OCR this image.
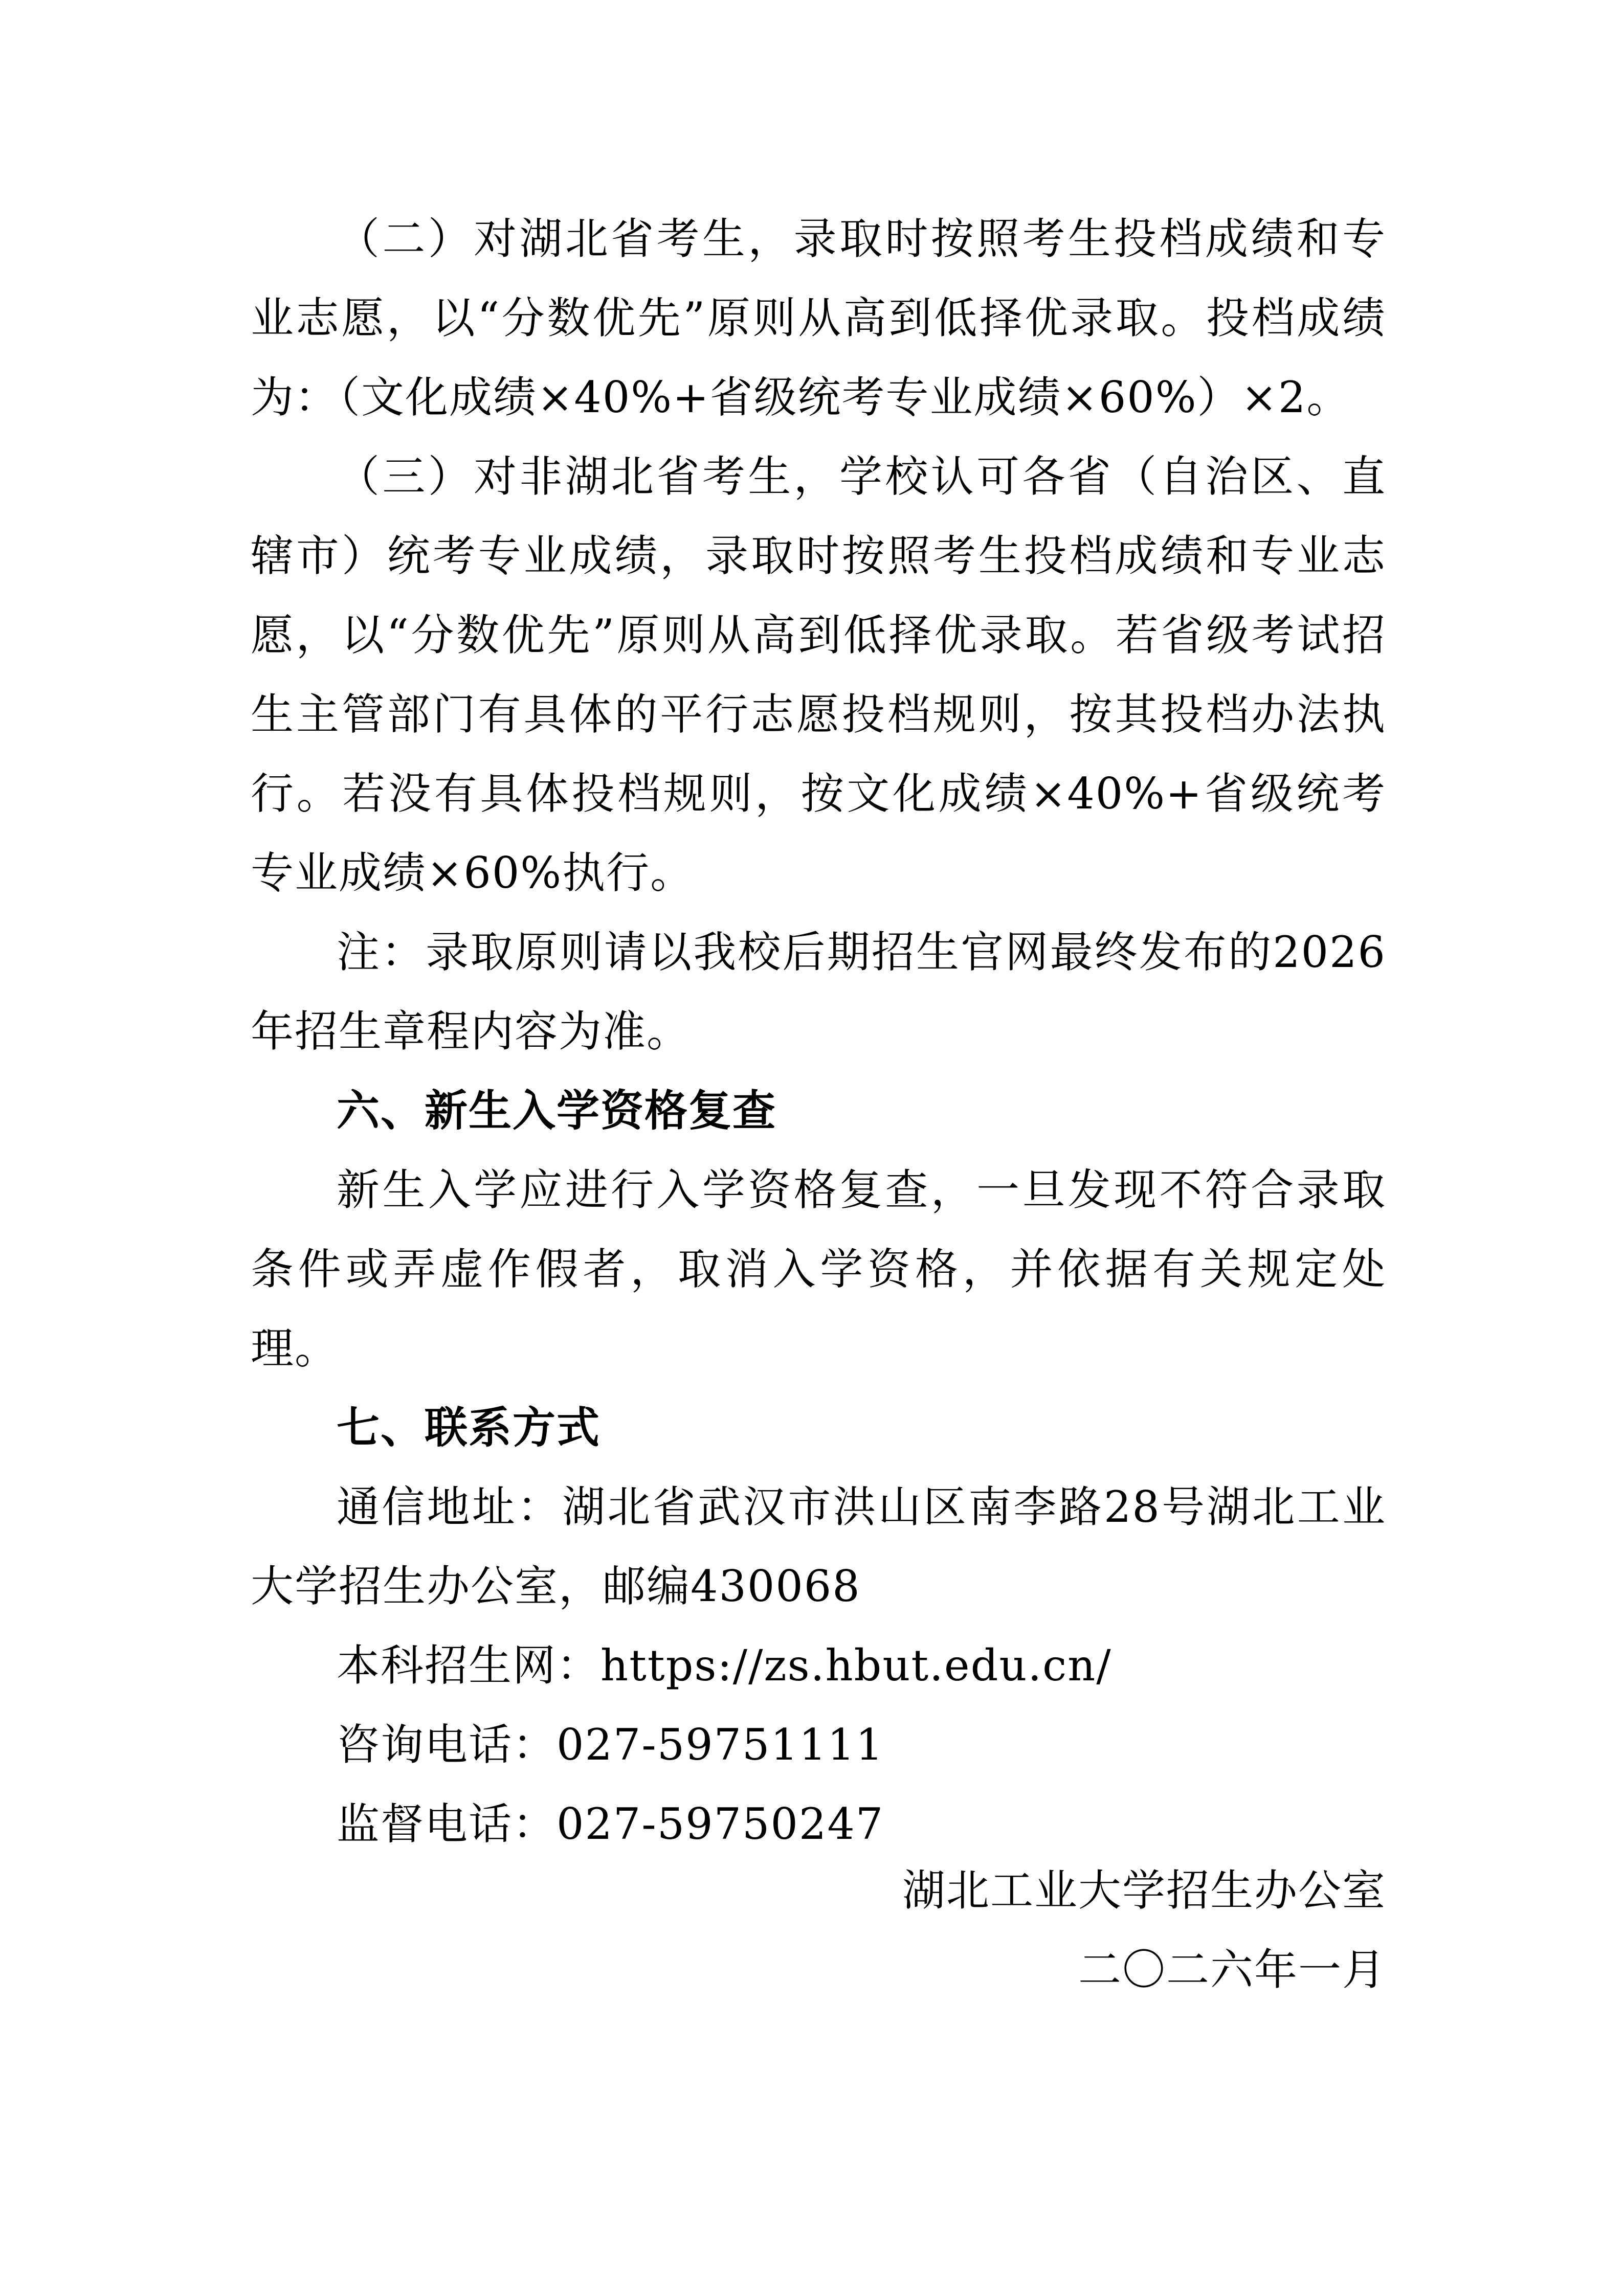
（二）对湖北省考生，录取时按照考生投档成绩和专业志愿，以“分数优先”原则从高到低择优录取。投档成绩为：（文化成绩×40%+省级统考专业成绩×60%）×2。

（三）对非湖北省考生，学校认可各省（自治区、直辖市）统考专业成绩，录取时按照考生投档成绩和专业志愿，以“分数优先”原则从高到低择优录取。若省级考试招生主管部门有具体的平行志愿投档规则，按其投档办法执行。若没有具体投档规则，按文化成绩×40%+省级统考专业成绩×60%执行。

注：录取原则请以我校后期招生官网最终发布的2026年招生章程内容为准。

六、新生入学资格复查

新生入学应进行入学资格复查，一旦发现不符合录取条件或弄虚作假者，取消入学资格，并依据有关规定处理。

七、联系方式

通信地址：湖北省武汉市洪山区南李路28号湖北工业大学招生办公室，邮编430068

本科招生网：https://zs.hbut.edu.cn/

咨询电话：027-59751111

监督电话：027-59750247

湖北工业大学招生办公室
二〇二六年一月
